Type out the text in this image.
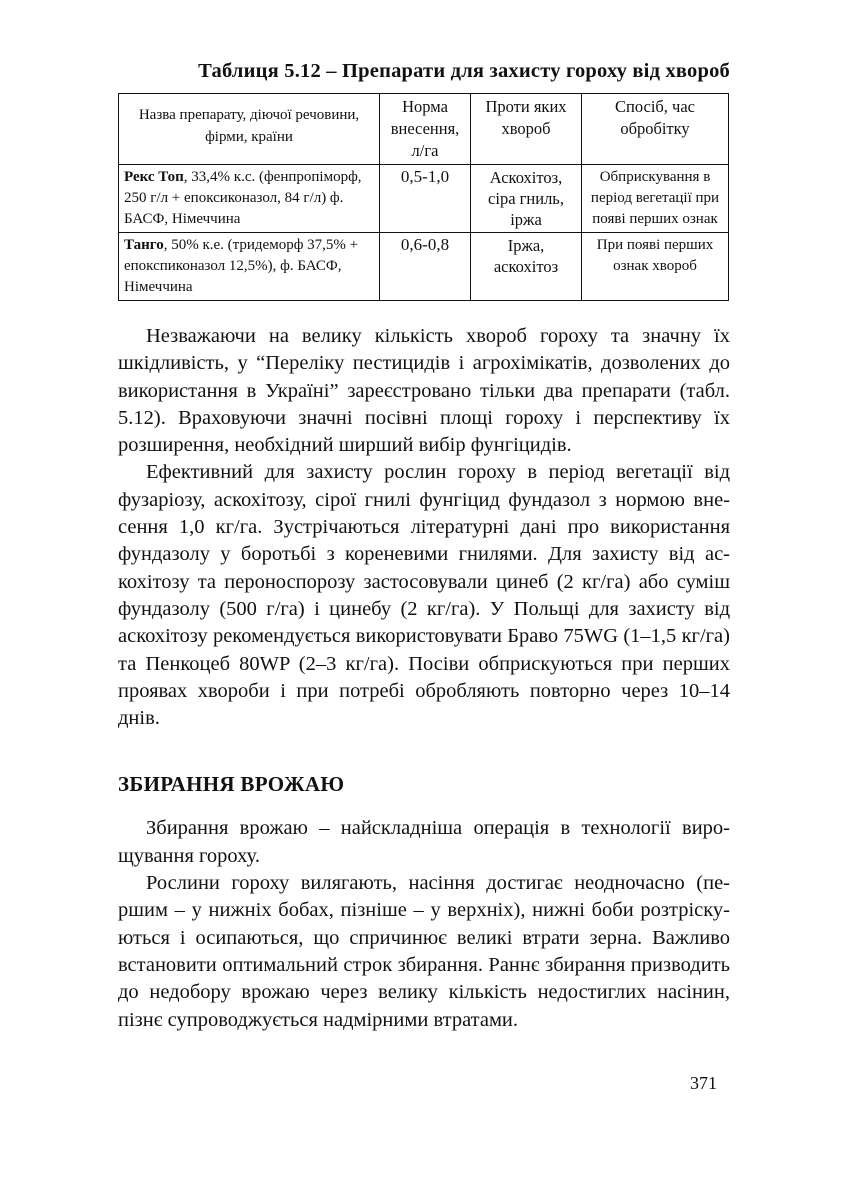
Таблиця 5.12 – Препарати для захисту гороху від хвороб
Назва препарату, діючої речовини, фірми, країни	Норма внесення, л/га	Проти яких хвороб	Спосіб, час обробітку
Рекс Топ, 33,4% к.с. (фенпропіморф, 250 г/л + епоксиконазол, 84 г/л) ф. БАСФ, Німеччина	0,5-1,0	Аскохітоз, сіра гниль, іржа	Обприскування в період вегетації при появі перших ознак
Танго, 50% к.е. (тридеморф 37,5% + епокспиконазол 12,5%), ф. БАСФ, Німеччина	0,6-0,8	Іржа, аскохітоз	При появі перших ознак хвороб

Незважаючи на велику кількість хвороб гороху та значну їх шкідливість, у “Переліку пестицидів і агрохімікатів, дозволених до використання в Україні” зареєстровано тільки два препарати (табл. 5.12). Враховуючи значні посівні площі гороху і перспективу їх розширення, необхідний ширший вибір фунгіцидів.

Ефективний для захисту рослин гороху в період вегетації від фузаріозу, аскохітозу, сірої гнилі фунгіцид фундазол з нормою внесення 1,0 кг/га. Зустрічаються літературні дані про використання фундазолу у боротьбі з кореневими гнилями. Для захисту від аскохітозу та пероноспорозу застосовували цинеб (2 кг/га) або суміш фундазолу (500 г/га) і цинебу (2 кг/га). У Польщі для захисту від аскохітозу рекомендується використовувати Браво 75WG (1–1,5 кг/га) та Пенкоцеб 80WP (2–3 кг/га). Посіви обприскуються при перших проявах хвороби і при потребі обробляють повторно через 10–14 днів.

ЗБИРАННЯ ВРОЖАЮ

Збирання врожаю – найскладніша операція в технології вирощування гороху.

Рослини гороху вилягають, насіння достигає неодночасно (першим – у нижніх бобах, пізніше – у верхніх), нижні боби розтріскуються і осипаються, що спричинює великі втрати зерна. Важливо встановити оптимальний строк збирання. Раннє збирання призводить до недобору врожаю через велику кількість недостиглих насінин, пізнє супроводжується надмірними втратами.

371
